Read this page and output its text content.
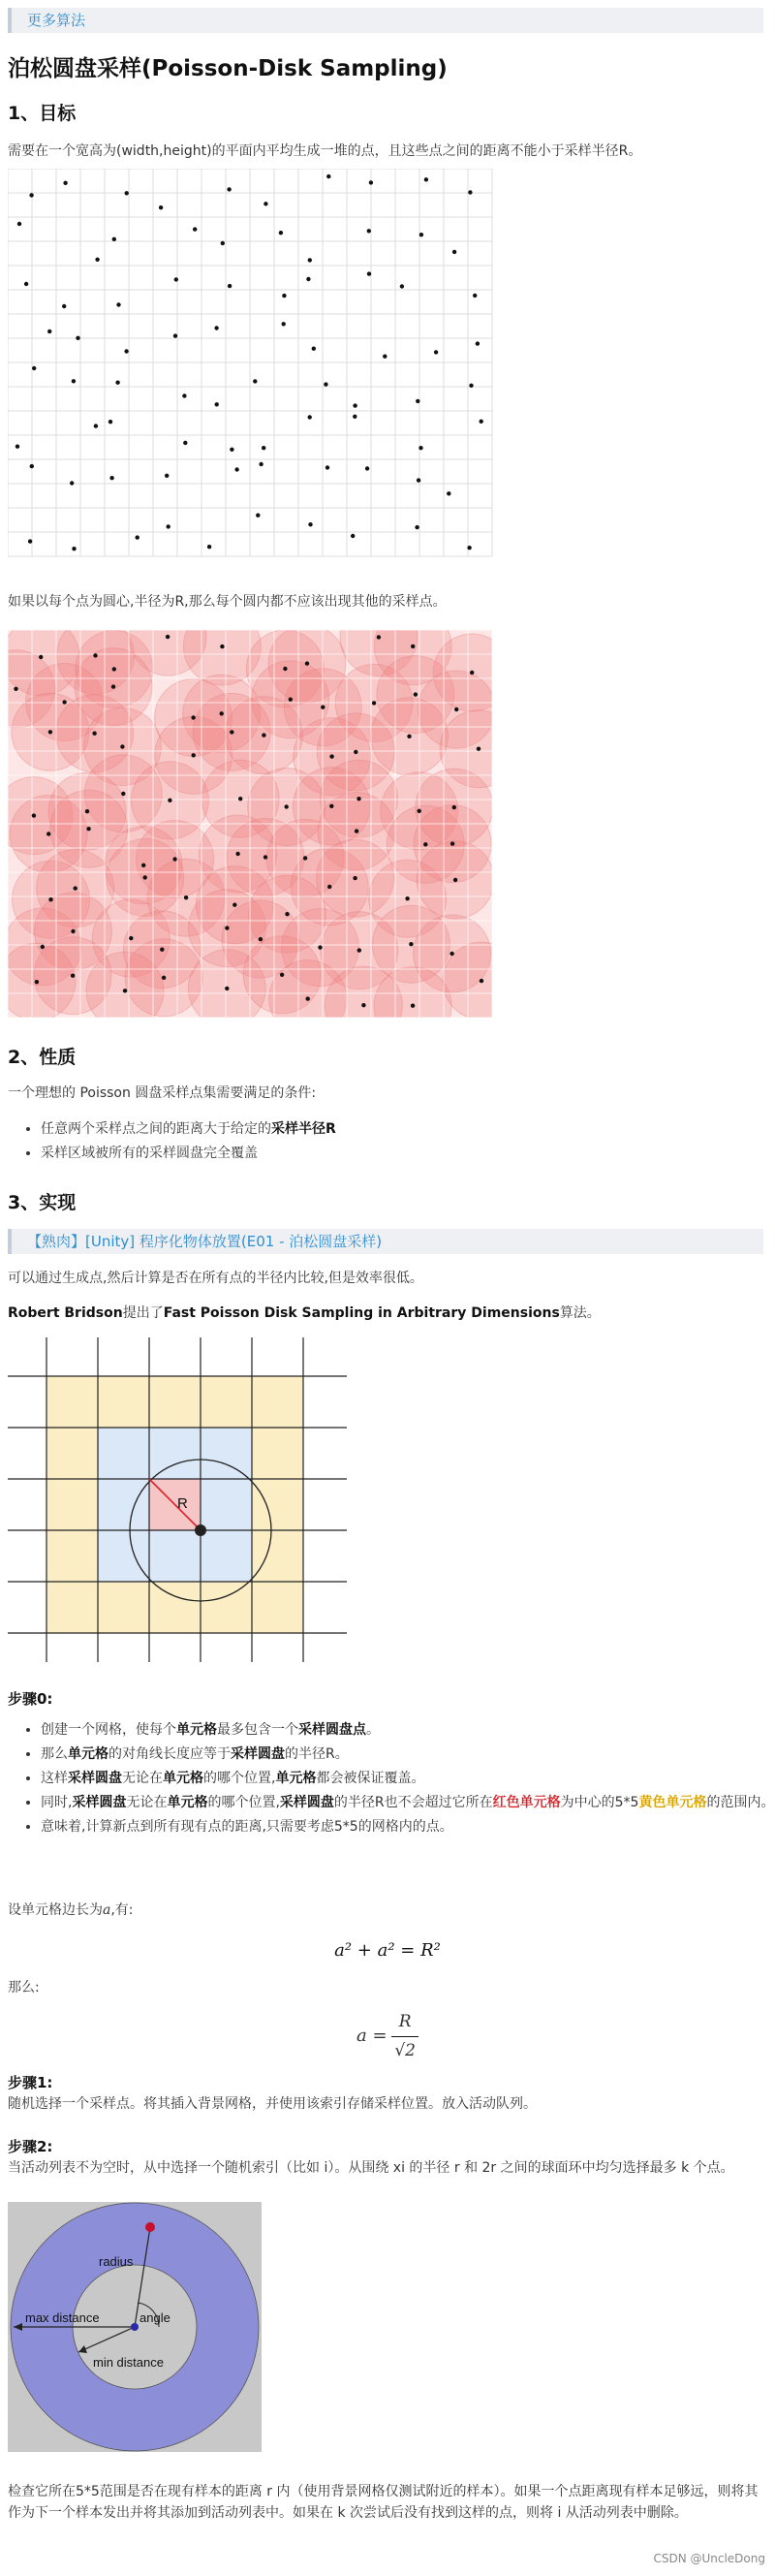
更多算法
泊松圆盘采样(Poisson-Disk Sampling)
1、目标
需要在一个宽高为(width,height)的平面内平均生成一堆的点，且这些点之间的距离不能小于采样半径R。
如果以每个点为圆心,半径为R,那么每个圆内都不应该出现其他的采样点。
2、性质
一个理想的 Poisson 圆盘采样点集需要满足的条件:
• 任意两个采样点之间的距离大于给定的采样半径R
• 采样区域被所有的采样圆盘完全覆盖
3、实现
【熟肉】[Unity] 程序化物体放置(E01 - 泊松圆盘采样)
可以通过生成点,然后计算是否在所有点的半径内比较,但是效率很低。
Robert Bridson提出了Fast Poisson Disk Sampling in Arbitrary Dimensions算法。
R
步骤0:
• 创建一个网格，使每个单元格最多包含一个采样圆盘点。
• 那么单元格的对角线长度应等于采样圆盘的半径R。
• 这样采样圆盘无论在单元格的哪个位置,单元格都会被保证覆盖。
• 同时,采样圆盘无论在单元格的哪个位置,采样圆盘的半径R也不会超过它所在红色单元格为中心的5*5黄色单元格的范围内。
• 意味着,计算新点到所有现有点的距离,只需要考虑5*5的网格内的点。
设单元格边长为a,有:
a² + a² = R²
那么:
$a = \frac{R}{√2}$
步骤1:
随机选择一个采样点。将其插入背景网格，并使用该索引存储采样位置。放入活动队列。
步骤2:
当活动列表不为空时，从中选择一个随机索引（比如 i）。从围绕 xi 的半径 r 和 2r 之间的球面环中均匀选择最多 k 个点。
radius
max distance	angle
min distance
检查它所在5*5范围是否在现有样本的距离 r 内（使用背景网格仅测试附近的样本）。如果一个点距离现有样本足够远，则将其作为下一个样本发出并将其添加到活动列表中。如果在 k 次尝试后没有找到这样的点，则将 i 从活动列表中删除。
CSDN @UncleDong
